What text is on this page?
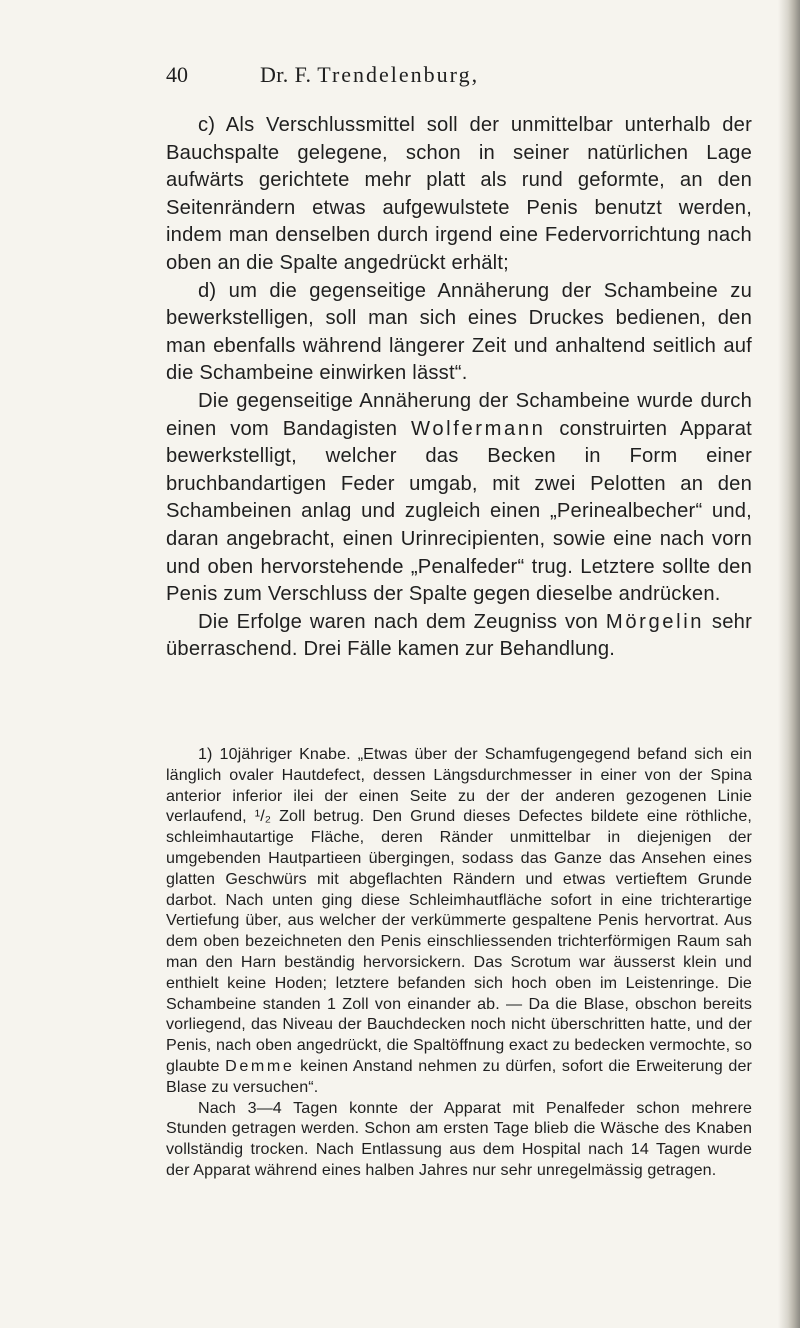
40	Dr. F. Trendelenburg,

c) Als Verschlussmittel soll der unmittelbar unterhalb der Bauchspalte gelegene, schon in seiner natürlichen Lage aufwärts gerichtete mehr platt als rund geformte, an den Seitenrändern etwas aufgewulstete Penis benutzt werden, indem man denselben durch irgend eine Federvorrichtung nach oben an die Spalte angedrückt erhält;

d) um die gegenseitige Annäherung der Schambeine zu bewerkstelligen, soll man sich eines Druckes bedienen, den man ebenfalls während längerer Zeit und anhaltend seitlich auf die Schambeine einwirken lässt“.

Die gegenseitige Annäherung der Schambeine wurde durch einen vom Bandagisten Wolfermann construirten Apparat bewerkstelligt, welcher das Becken in Form einer bruchbandartigen Feder umgab, mit zwei Pelotten an den Schambeinen anlag und zugleich einen „Perinealbecher“ und, daran angebracht, einen Urinrecipienten, sowie eine nach vorn und oben hervorstehende „Penalfeder“ trug. Letztere sollte den Penis zum Verschluss der Spalte gegen dieselbe andrücken.

Die Erfolge waren nach dem Zeugniss von Mörgelin sehr überraschend. Drei Fälle kamen zur Behandlung.

1) 10jähriger Knabe. „Etwas über der Schamfugengegend befand sich ein länglich ovaler Hautdefect, dessen Längsdurchmesser in einer von der Spina anterior inferior ilei der einen Seite zu der der anderen gezogenen Linie verlaufend, ¹/₂ Zoll betrug. Den Grund dieses Defectes bildete eine röthliche, schleimhautartige Fläche, deren Ränder unmittelbar in diejenigen der umgebenden Hautpartieen übergingen, sodass das Ganze das Ansehen eines glatten Geschwürs mit abgeflachten Rändern und etwas vertieftem Grunde darbot. Nach unten ging diese Schleimhautfläche sofort in eine trichterartige Vertiefung über, aus welcher der verkümmerte gespaltene Penis hervortrat. Aus dem oben bezeichneten den Penis einschliessenden trichterförmigen Raum sah man den Harn beständig hervorsickern. Das Scrotum war äusserst klein und enthielt keine Hoden; letztere befanden sich hoch oben im Leistenringe. Die Schambeine standen 1 Zoll von einander ab. — Da die Blase, obschon bereits vorliegend, das Niveau der Bauchdecken noch nicht überschritten hatte, und der Penis, nach oben angedrückt, die Spaltöffnung exact zu bedecken vermochte, so glaubte Demme keinen Anstand nehmen zu dürfen, sofort die Erweiterung der Blase zu versuchen“.

Nach 3—4 Tagen konnte der Apparat mit Penalfeder schon mehrere Stunden getragen werden. Schon am ersten Tage blieb die Wäsche des Knaben vollständig trocken. Nach Entlassung aus dem Hospital nach 14 Tagen wurde der Apparat während eines halben Jahres nur sehr unregelmässig getragen.
